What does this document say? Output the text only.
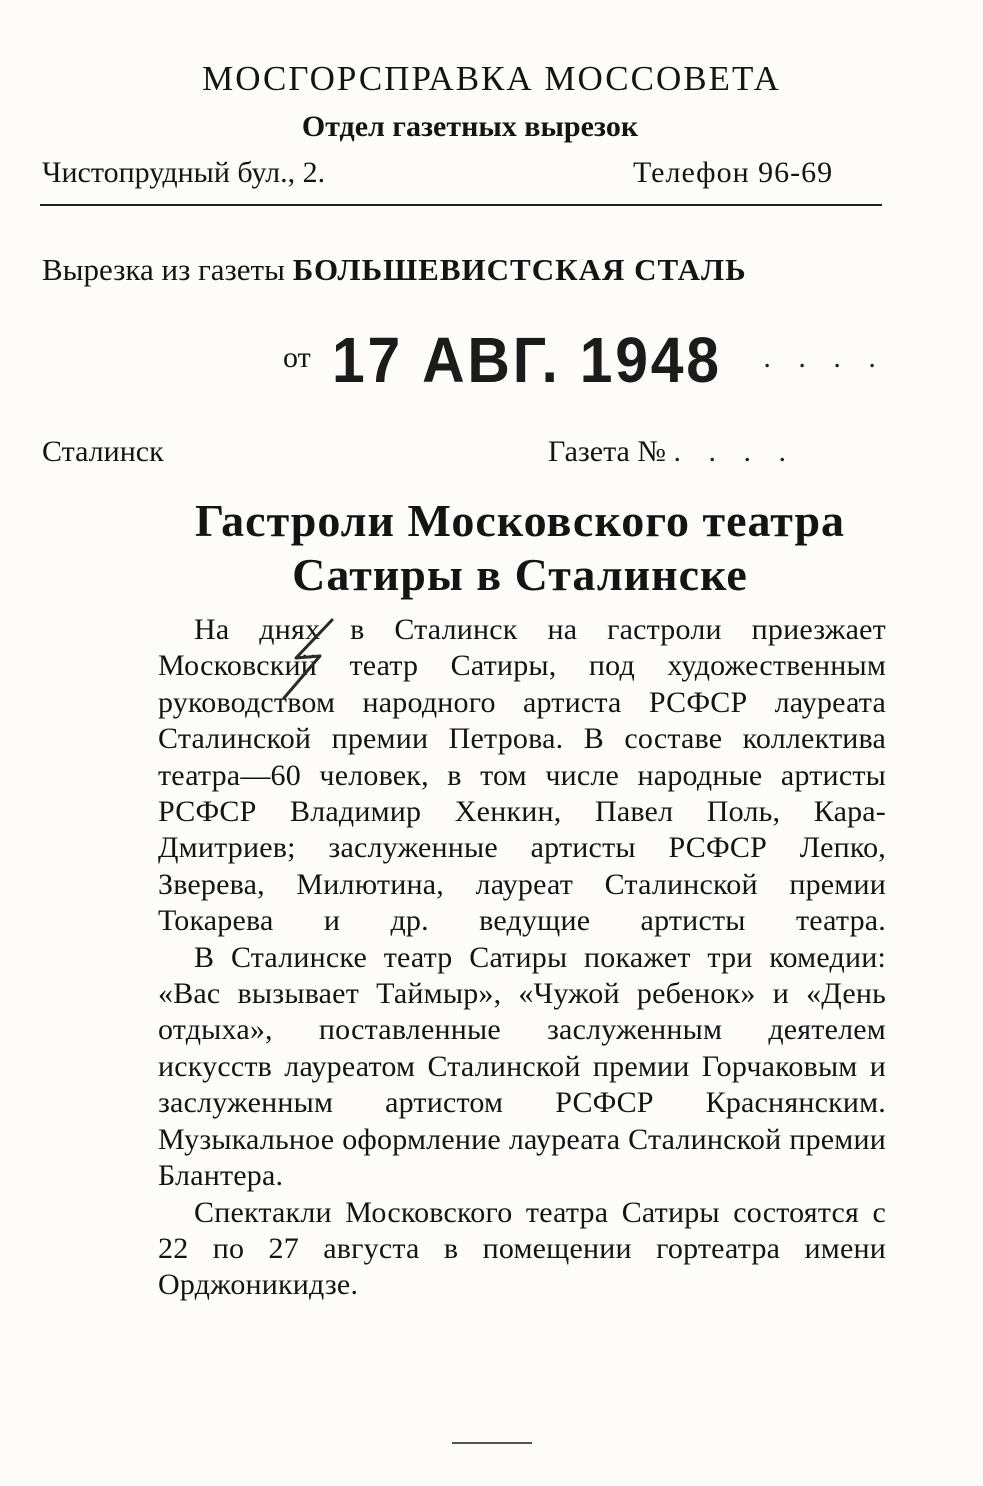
МОСГОРСПРАВКА МОССОВЕТА
Отдел газетных вырезок
Чистопрудный бул., 2.	Телефон 96-69
Вырезка из газеты БОЛЬШЕВИСТСКАЯ СТАЛЬ
от 17 АВГ. 1948 . . . .
Сталинск	Газета № . . . .
Гастроли Московского театра Сатиры в Сталинске

На днях в Сталинск на гастроли приезжает Московский театр Сатиры, под художественным руководством народного артиста РСФСР лауреата Сталинской премии Петрова. В составе коллектива театра—60 человек, в том числе народные артисты РСФСР Владимир Хенкин, Павел Поль, Кара-Дмитриев; заслуженные артисты РСФСР Лепко, Зверева, Милютина, лауреат Сталинской премии Токарева и др. ведущие артисты театра.

В Сталинске театр Сатиры покажет три комедии: «Вас вызывает Таймыр», «Чужой ребенок» и «День отдыха», поставленные заслуженным деятелем искусств лауреатом Сталинской премии Горчаковым и заслуженным артистом РСФСР Краснянским. Музыкальное оформление лауреата Сталинской премии Блантера.

Спектакли Московского театра Сатиры состоятся с 22 по 27 августа в помещении гортеатра имени Орджоникидзе.
